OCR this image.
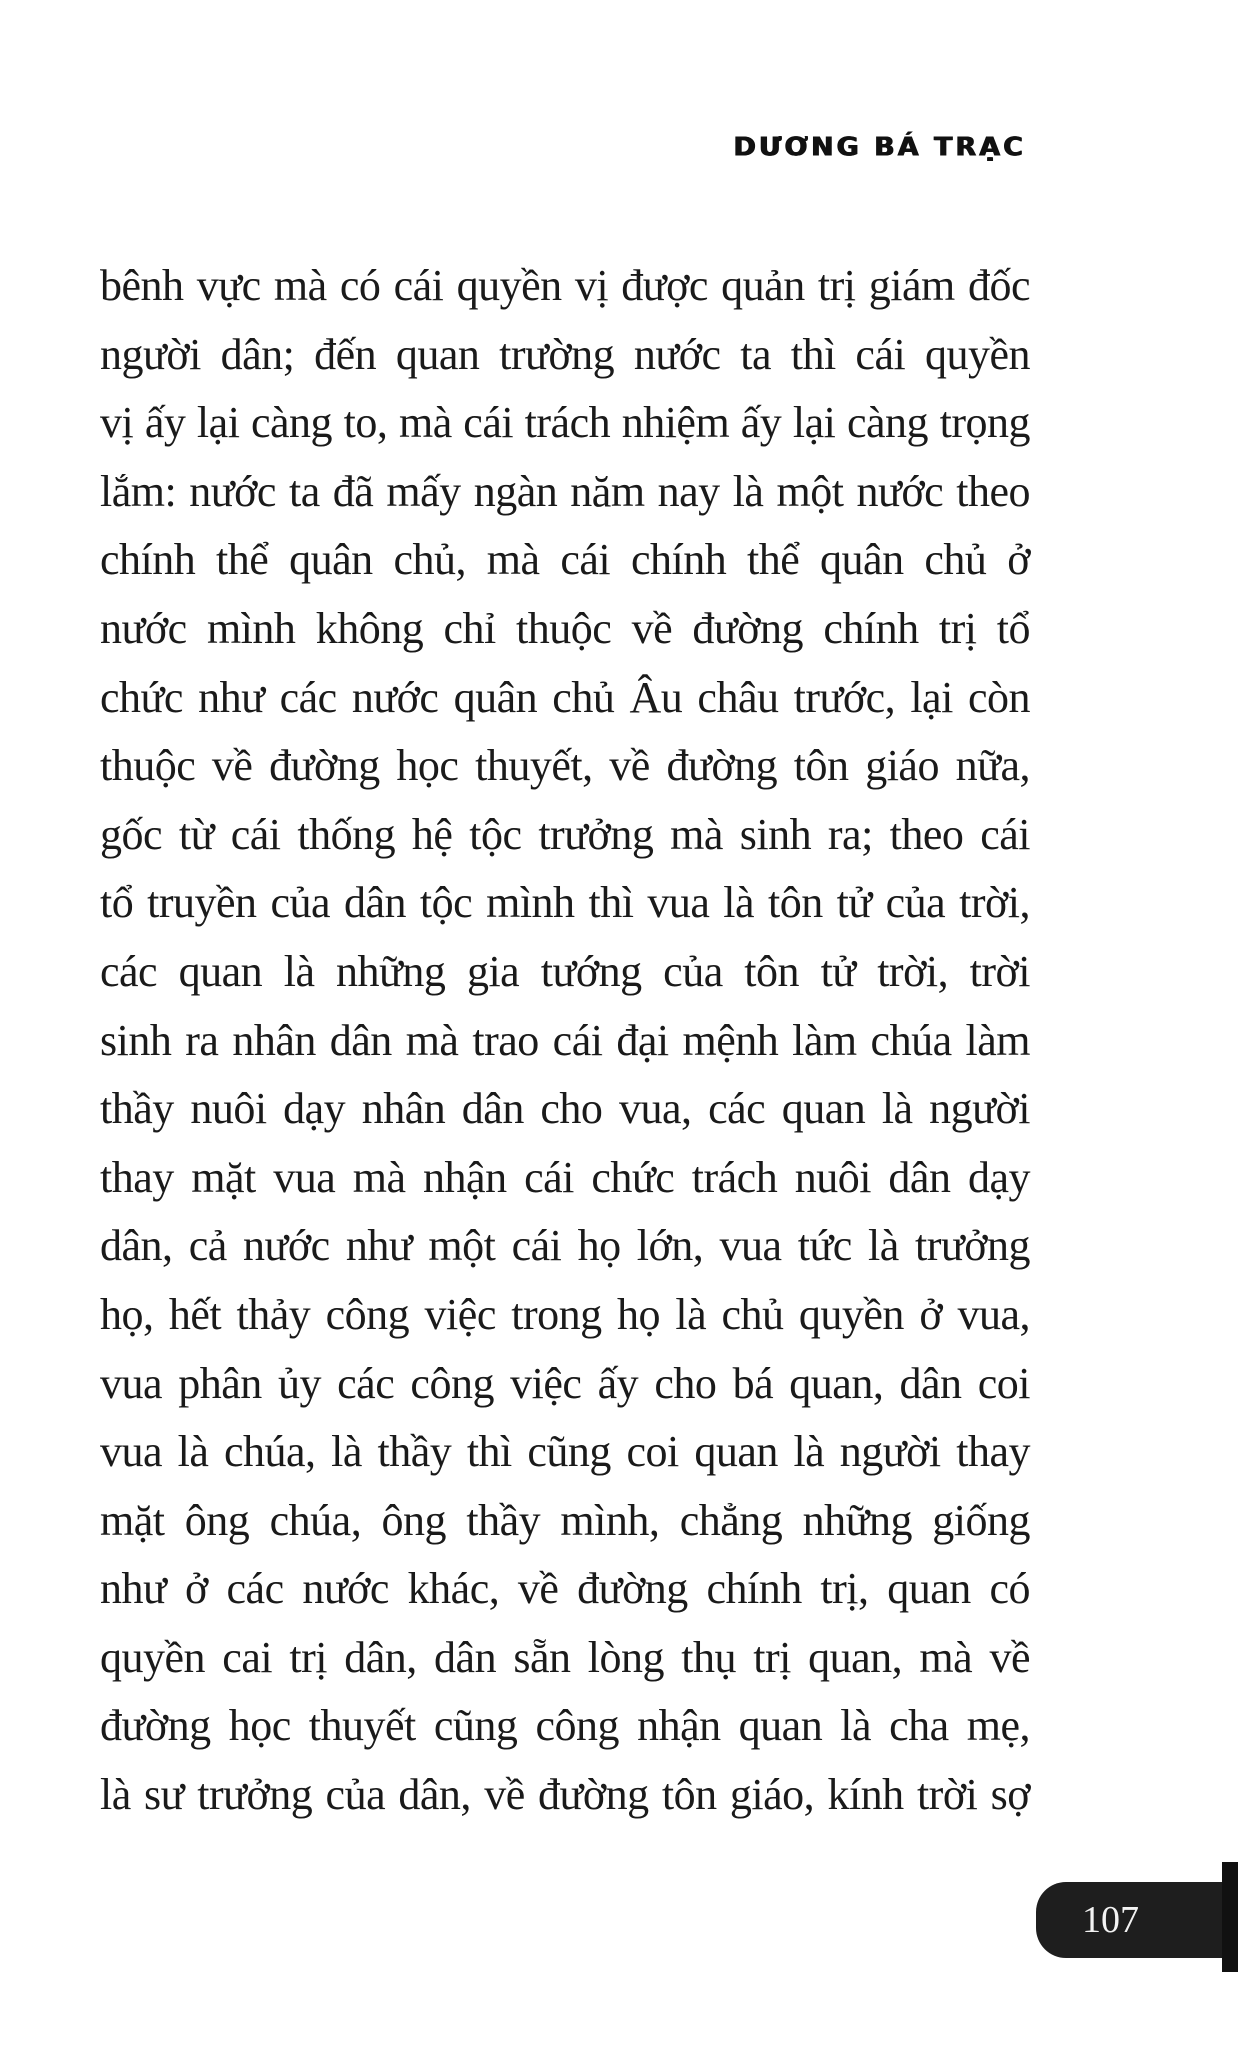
DƯƠNG BÁ TRẠC
bênh vực mà có cái quyền vị được quản trị giám đốc
người dân; đến quan trường nước ta thì cái quyền
vị ấy lại càng to, mà cái trách nhiệm ấy lại càng trọng
lắm: nước ta đã mấy ngàn năm nay là một nước theo
chính thể quân chủ, mà cái chính thể quân chủ ở
nước mình không chỉ thuộc về đường chính trị tổ
chức như các nước quân chủ Âu châu trước, lại còn
thuộc về đường học thuyết, về đường tôn giáo nữa,
gốc từ cái thống hệ tộc trưởng mà sinh ra; theo cái
tổ truyền của dân tộc mình thì vua là tôn tử của trời,
các quan là những gia tướng của tôn tử trời, trời
sinh ra nhân dân mà trao cái đại mệnh làm chúa làm
thầy nuôi dạy nhân dân cho vua, các quan là người
thay mặt vua mà nhận cái chức trách nuôi dân dạy
dân, cả nước như một cái họ lớn, vua tức là trưởng
họ, hết thảy công việc trong họ là chủ quyền ở vua,
vua phân ủy các công việc ấy cho bá quan, dân coi
vua là chúa, là thầy thì cũng coi quan là người thay
mặt ông chúa, ông thầy mình, chẳng những giống
như ở các nước khác, về đường chính trị, quan có
quyền cai trị dân, dân sẵn lòng thụ trị quan, mà về
đường học thuyết cũng công nhận quan là cha mẹ,
là sư trưởng của dân, về đường tôn giáo, kính trời sợ
107
